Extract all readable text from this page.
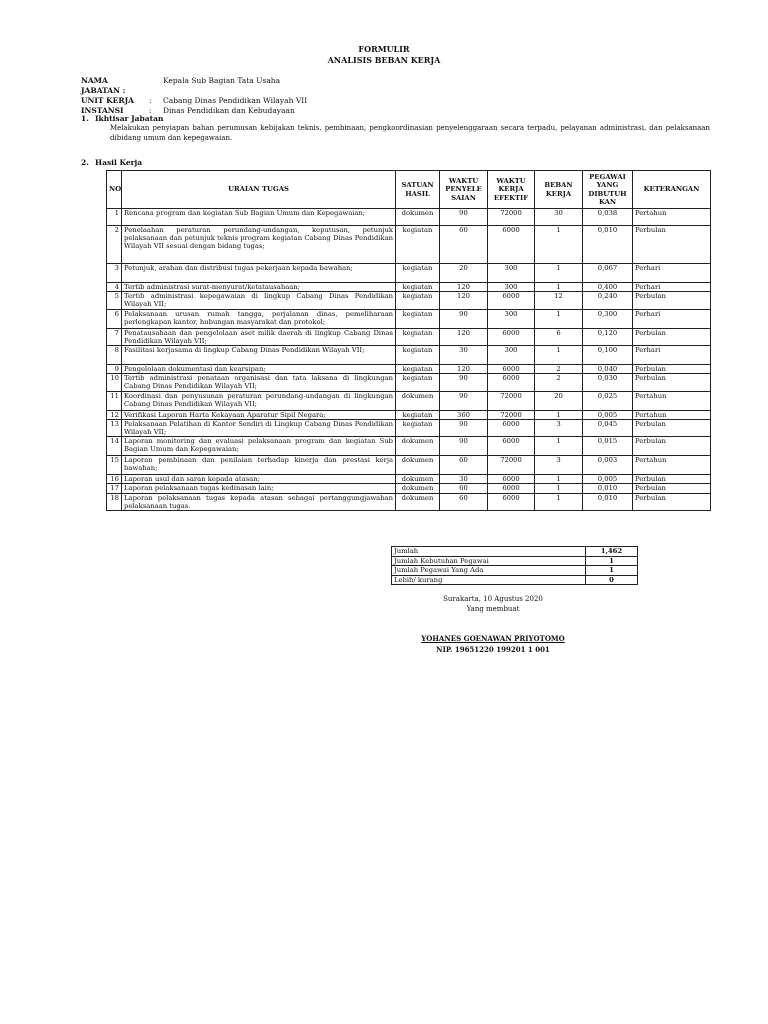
FORMULIR
ANALISIS BEBAN KERJA
NAMA JABATAN :
Kepala Sub Bagian Tata Usaha
UNIT KERJA	:	Cabang Dinas Pendidikan Wilayah VII
INSTANSI	:	Dinas Pendidikan dan Kebudayaan
1. Ikhtisar Jabatan
Melakukan penyiapan bahan perumusan kebijakan teknis, pembinaan, pengkoordinasian penyelenggaraan secara terpadu, pelayanan administrasi, dan pelaksanaan dibidang umum dan kepegawaian.
2. Hasil Kerja
NO	URAIAN TUGAS	SATUAN HASIL	WAKTU PENYELE SAIAN	WAKTU KERJA EFEKTIF	BEBAN KERJA	PEGAWAI YANG DIBUTUH KAN	KETERANGAN
1	Rencana program dan kegiatan Sub Bagian Umum dan Kepegawaian;	dokumen	90	72000	30	0,038	Pertahun
2	Penelaahan peraturan perundang-undangan, keputusan, petunjuk pelaksanaan dan petunjuk teknis program kegiatan Cabang Dinas Pendidikan Wilayah VII sesuai dengan bidang tugas;	kegiatan	60	6000	1	0,010	Perbulan
3	Petunjuk, arahan dan distribusi tugas pekerjaan kepada bawahan;	kegiatan	20	300	1	0,067	Perhari
4	Tertib administrasi surat-menyurat/ketatausahaan;	kegiatan	120	300	1	0,400	Perhari
5	Tertib administrasi kepegawaian di lingkup Cabang Dinas Pendidikan Wilayah VII;	kegiatan	120	6000	12	0,240	Perbulan
6	Pelaksanaan urusan rumah tangga, perjalanan dinas, pemeliharaan perlengkapan kantor, hubungan masyarakat dan protokol;	kegiatan	90	300	1	0,300	Perhari
7	Penatausahaan dan pengelolaan aset milik daerah di lingkup Cabang Dinas Pendidikan Wilayah VII;	kegiatan	120	6000	6	0,120	Perbulan
8	Fasilitasi kerjasama di lingkup Cabang Dinas Pendidikan Wilayah VII;	kegiatan	30	300	1	0,100	Perhari
9	Pengelolaan dokumentasi dan kearsipan;	kegiatan	120	6000	2	0,040	Perbulan
10	Tertib administrasi penataan organisasi dan tata laksana di lingkungan Cabang Dinas Pendidikan Wilayah VII;	kegiatan	90	6000	2	0,030	Perbulan
11	Koordinasi dan penyusunan peraturan perundang-undangan di lingkungan Cabang Dinas Pendidikan Wilayah VII;	dokumen	90	72000	20	0,025	Pertahun
12	Verifikasi Laporan Harta Kekayaan Aparatur Sipil Negara;	kegiatan	360	72000	1	0,005	Pertahun
13	Pelaksanaan Pelatihan di Kantor Sendiri di Lingkup Cabang Dinas Pendidikan Wilayah VII;	kegiatan	90	6000	3	0,045	Perbulan
14	Laporan monitoring dan evaluasi pelaksanaan program dan kegiatan Sub Bagian Umum dan Kepegawaian;	dokumen	90	6000	1	0,015	Perbulan
15	Laporan pembinaan dan penilaian terhadap kinerja dan prestasi kerja bawahan;	dokumen	60	72000	3	0,003	Pertahun
16	Laporan usul dan saran kepada atasan;	dokumen	30	6000	1	0,005	Perbulan
17	Laporan pelaksanaan tugas kedinasan lain;	dokumen	60	6000	1	0,010	Perbulan
18	Laporan pelaksanaan tugas kepada atasan sebagai pertanggungjawaban pelaksanaan tugas.	dokumen	60	6000	1	0,010	Perbulan
Jumlah	1,462
Jumlah Kebutuhan Pegawai	1
Jumlah Pegawai Yang Ada	1
Lebih/ kurang	0
Surakarta, 10 Agustus 2020
Yang membuat
YOHANES GOENAWAN PRIYOTOMO
NIP. 19651220 199201 1 001
